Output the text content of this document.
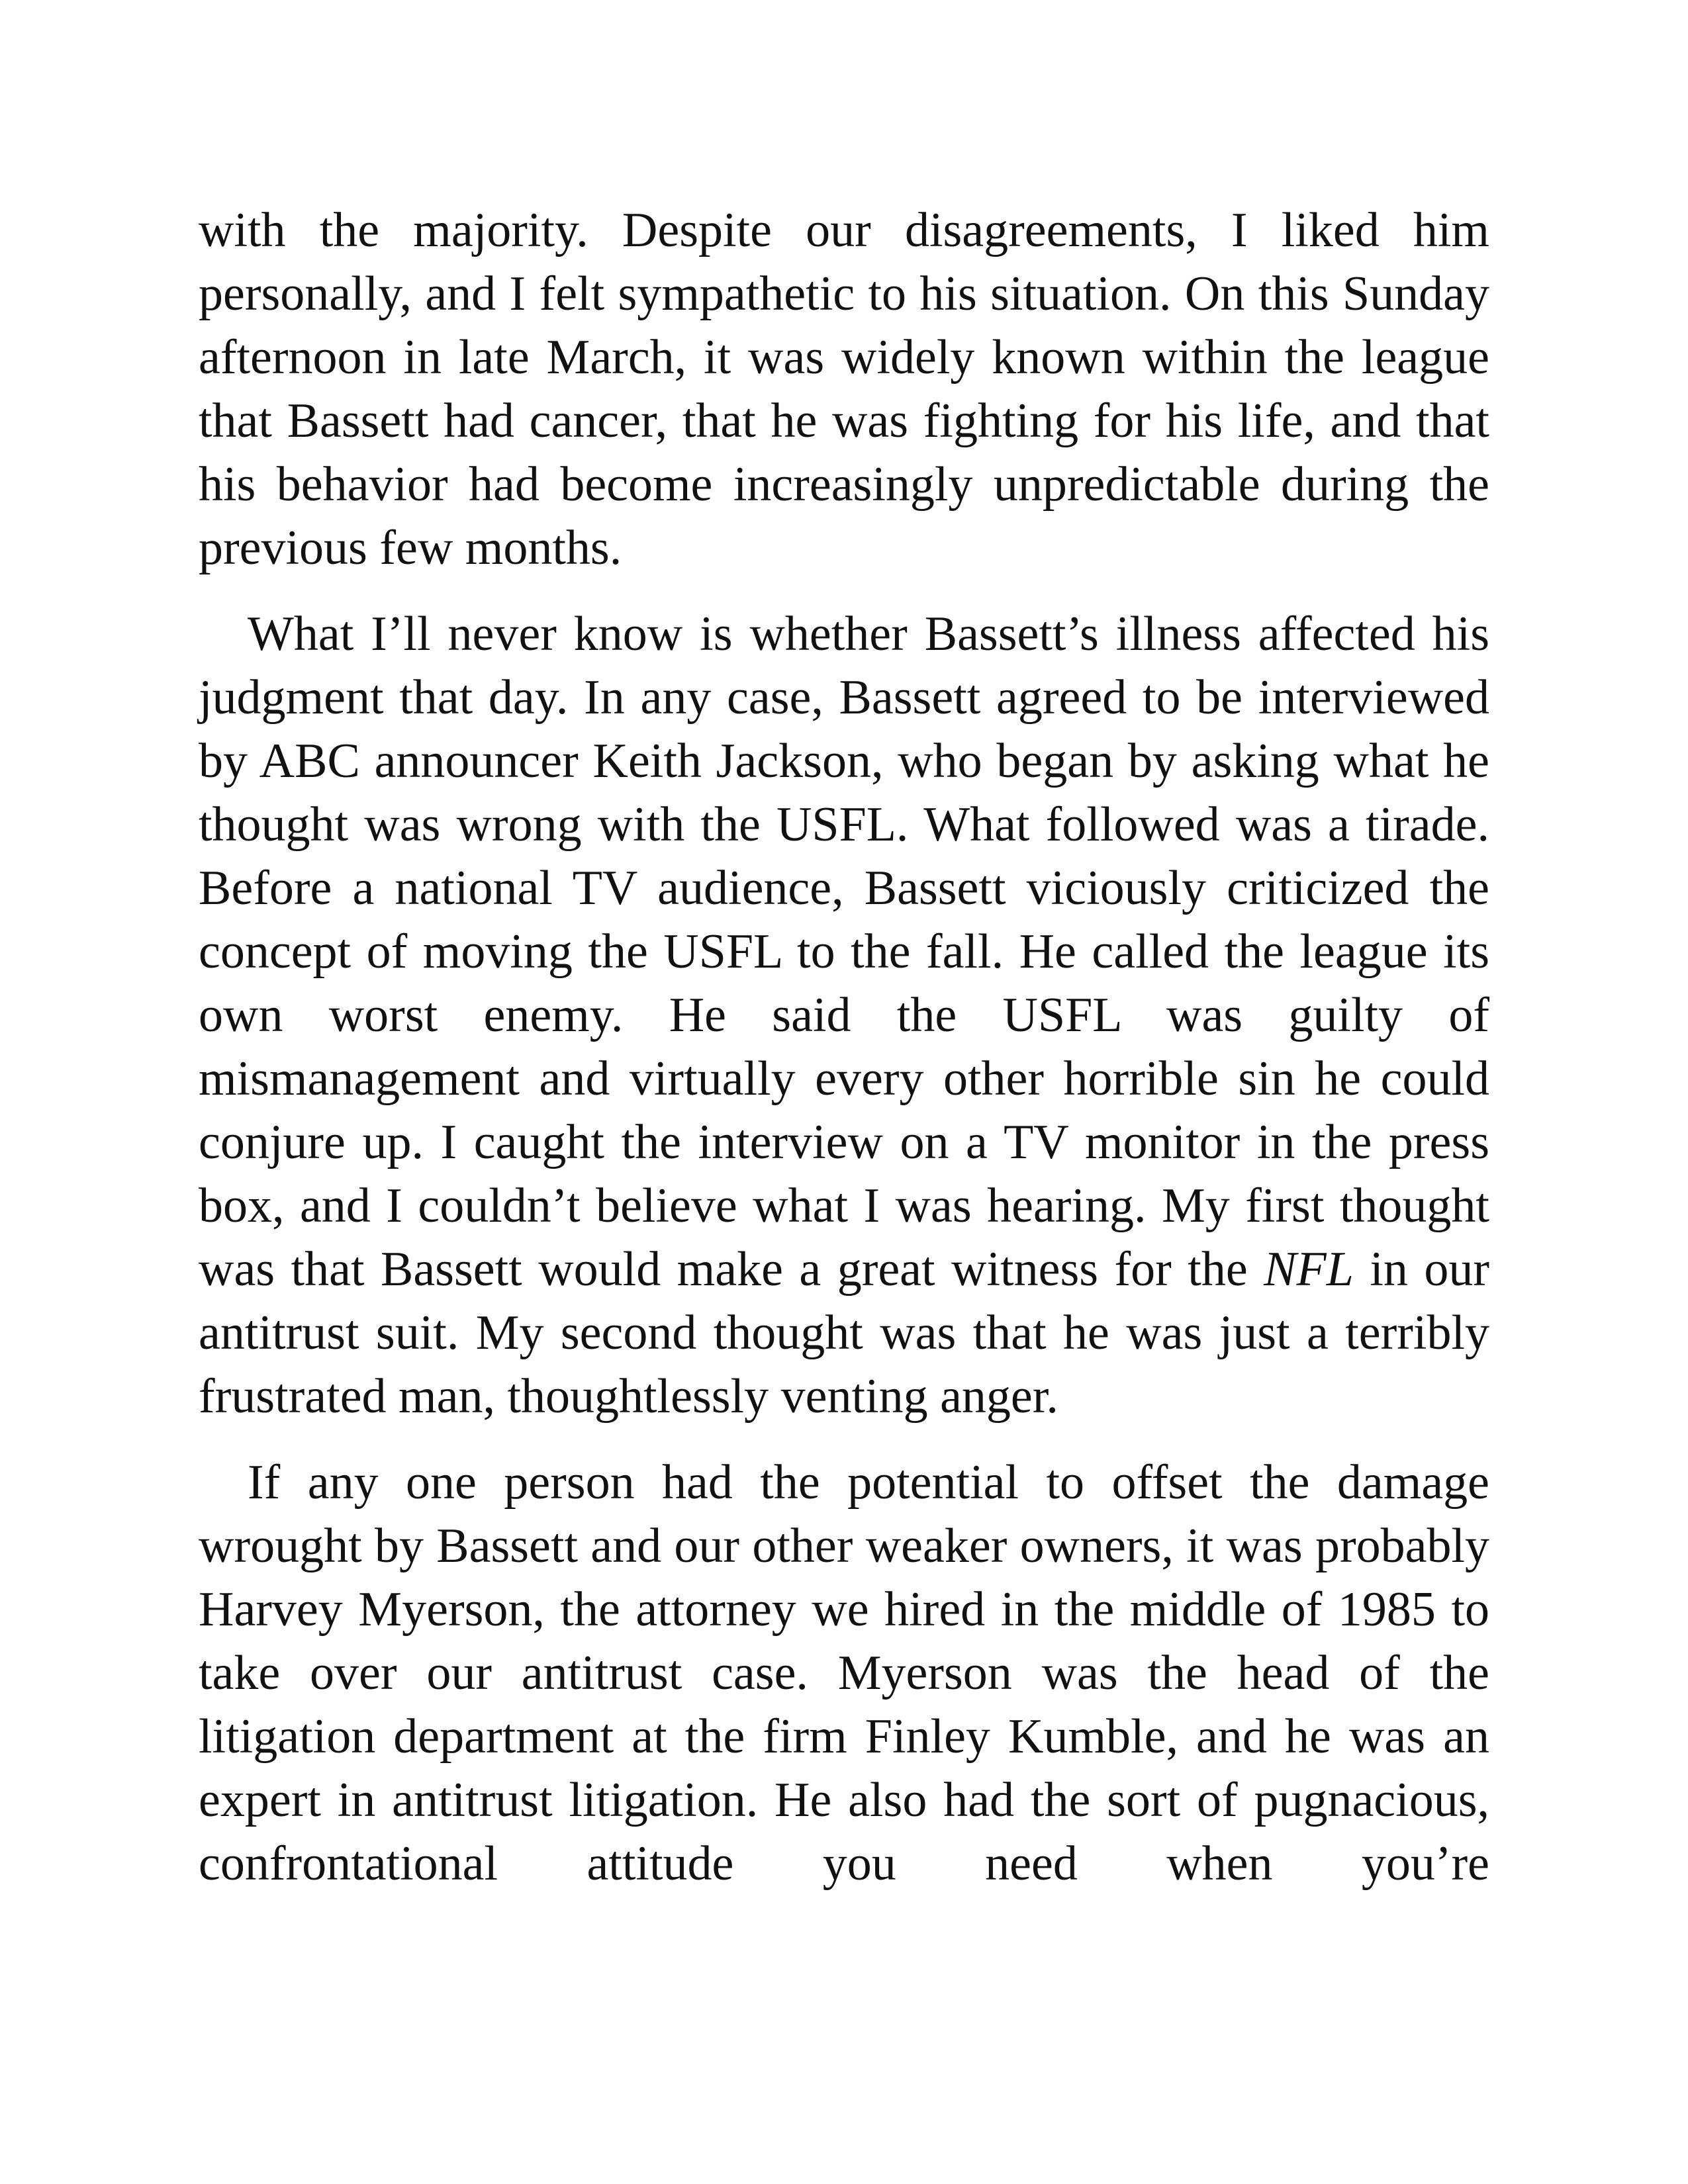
with the majority. Despite our disagreements, I liked him personally, and I felt sympathetic to his situation. On this Sunday afternoon in late March, it was widely known within the league that Bassett had cancer, that he was fighting for his life, and that his behavior had become increasingly unpredictable during the previous few months.

What I’ll never know is whether Bassett’s illness affected his judgment that day. In any case, Bassett agreed to be interviewed by ABC announcer Keith Jackson, who began by asking what he thought was wrong with the USFL. What followed was a tirade. Before a national TV audience, Bassett viciously criticized the concept of moving the USFL to the fall. He called the league its own worst enemy. He said the USFL was guilty of mismanagement and virtually every other horrible sin he could conjure up. I caught the interview on a TV monitor in the press box, and I couldn’t believe what I was hearing. My first thought was that Bassett would make a great witness for the NFL in our antitrust suit. My second thought was that he was just a terribly frustrated man, thoughtlessly venting anger.

If any one person had the potential to offset the damage wrought by Bassett and our other weaker owners, it was probably Harvey Myerson, the attorney we hired in the middle of 1985 to take over our antitrust case. Myerson was the head of the litigation department at the firm Finley Kumble, and he was an expert in antitrust litigation. He also had the sort of pugnacious, confrontational attitude you need when you’re
